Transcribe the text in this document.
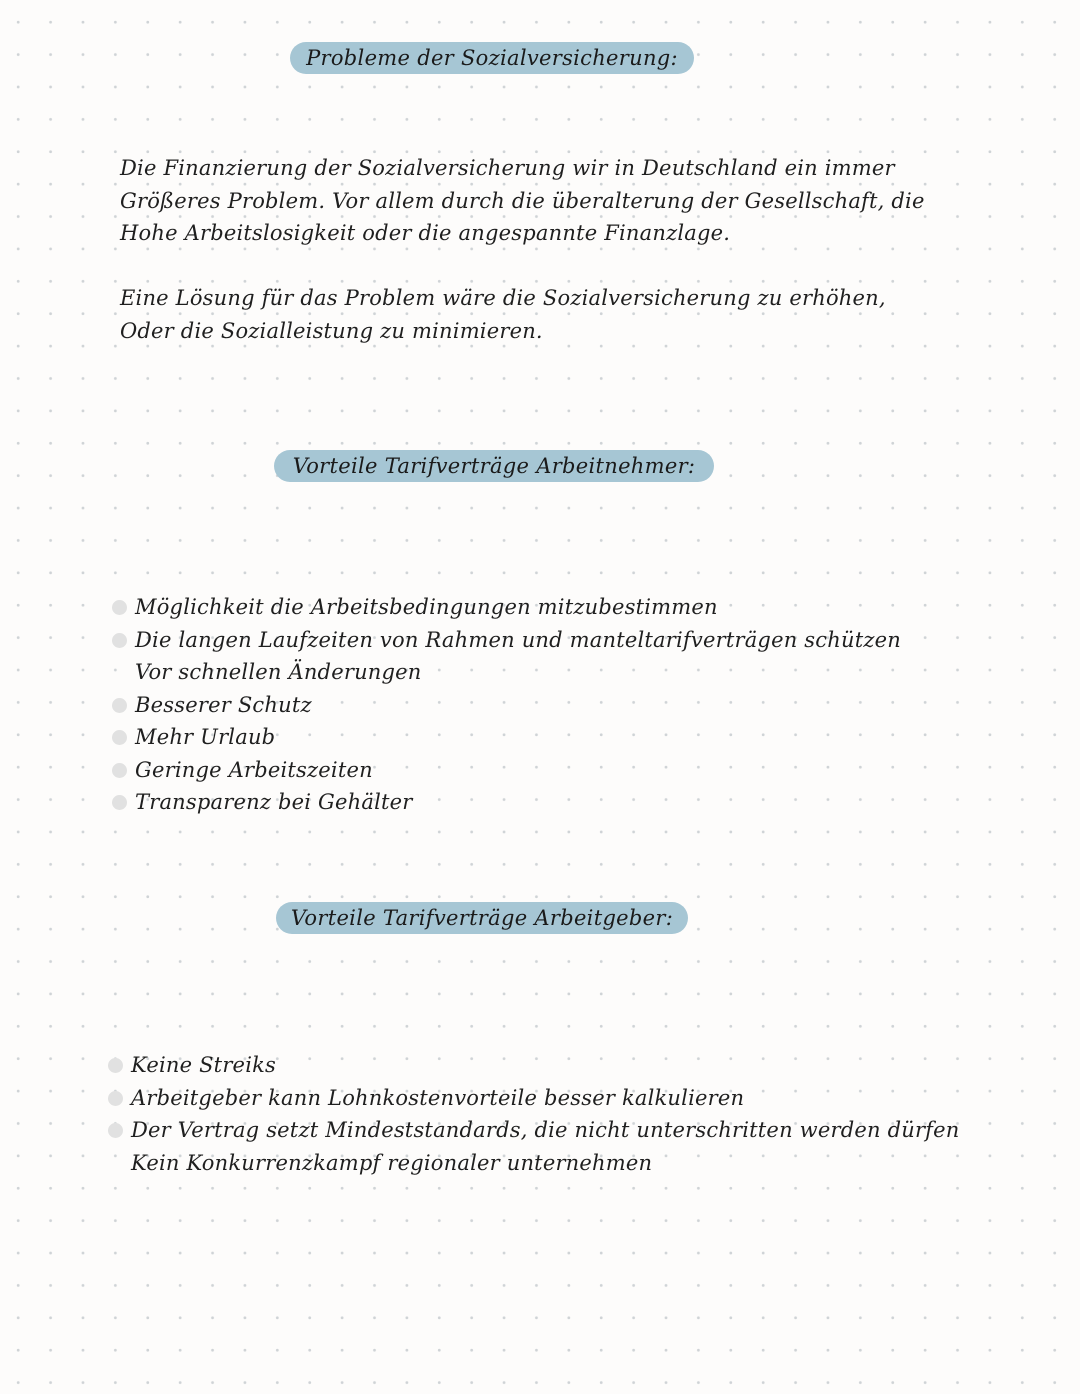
Probleme der Sozialversicherung:

Die Finanzierung der Sozialversicherung wir in Deutschland ein immer
Größeres Problem. Vor allem durch die überalterung der Gesellschaft, die
Hohe Arbeitslosigkeit oder die angespannte Finanzlage.

Eine Lösung für das Problem wäre die Sozialversicherung zu erhöhen,
Oder die Sozialleistung zu minimieren.

Vorteile Tarifverträge Arbeitnehmer:
Möglichkeit die Arbeitsbedingungen mitzubestimmen
Die langen Laufzeiten von Rahmen und manteltarifverträgen schützen
Vor schnellen Änderungen
Besserer Schutz
Mehr Urlaub
Geringe Arbeitszeiten
Transparenz bei Gehälter
Vorteile Tarifverträge Arbeitgeber:
Keine Streiks
Arbeitgeber kann Lohnkostenvorteile besser kalkulieren
Der Vertrag setzt Mindeststandards, die nicht unterschritten werden dürfen
Kein Konkurrenzkampf regionaler unternehmen
